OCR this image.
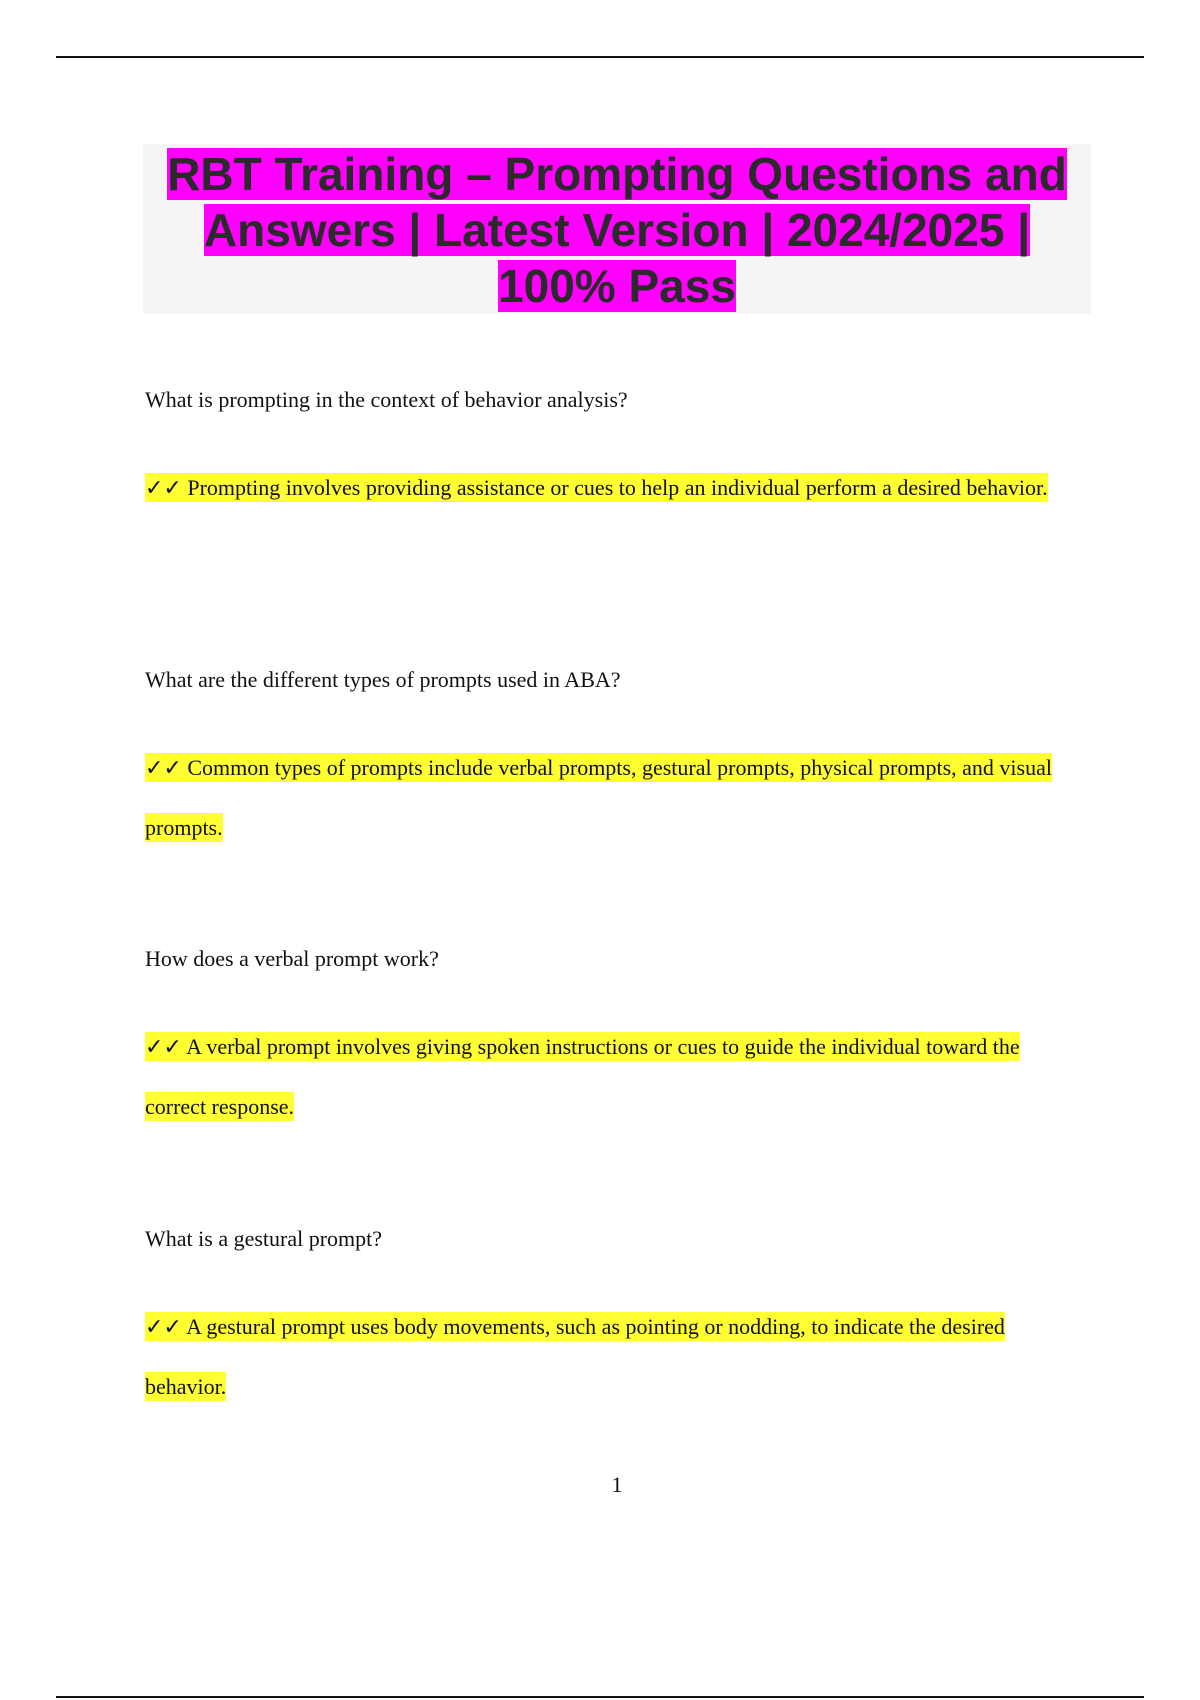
RBT Training – Prompting Questions and Answers | Latest Version | 2024/2025 | 100% Pass

What is prompting in the context of behavior analysis?

✓✓ Prompting involves providing assistance or cues to help an individual perform a desired behavior.

What are the different types of prompts used in ABA?

✓✓ Common types of prompts include verbal prompts, gestural prompts, physical prompts, and visual prompts.

How does a verbal prompt work?

✓✓ A verbal prompt involves giving spoken instructions or cues to guide the individual toward the correct response.

What is a gestural prompt?

✓✓ A gestural prompt uses body movements, such as pointing or nodding, to indicate the desired behavior.

1
